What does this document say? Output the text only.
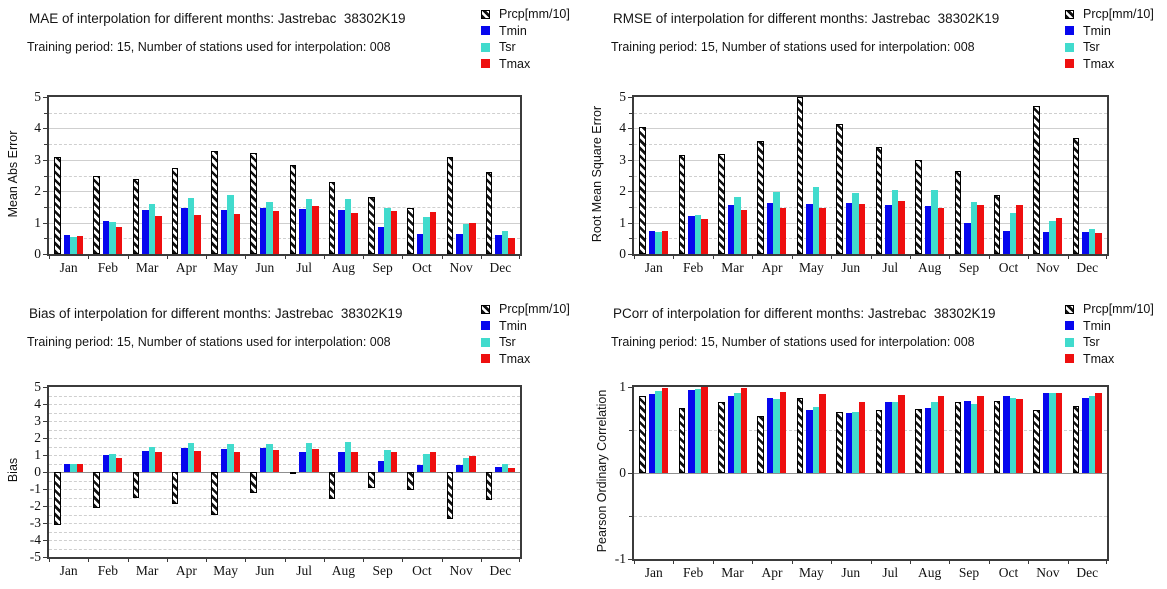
MAE of interpolation for different months: Jastrebac  38302K19
Training period: 15, Number of stations used for interpolation: 008
Prcp[mm/10]
Tmin
Tsr
Tmax
Mean Abs Error
Jan	Feb	Mar	Apr	May	Jun	Jul	Aug	Sep	Oct	Nov	Dec
0
1
2
3
4
5
RMSE of interpolation for different months: Jastrebac  38302K19
Training period: 15, Number of stations used for interpolation: 008
Prcp[mm/10]
Tmin
Tsr
Tmax
Root Mean Square Error
Jan	Feb	Mar	Apr	May	Jun	Jul	Aug	Sep	Oct	Nov	Dec
0
1
2
3
4
5
Bias of interpolation for different months: Jastrebac  38302K19
Training period: 15, Number of stations used for interpolation: 008
Prcp[mm/10]
Tmin
Tsr
Tmax
Bias
Jan	Feb	Mar	Apr	May	Jun	Jul	Aug	Sep	Oct	Nov	Dec
-5
-4
-3
-2
-1
0
1
2
3
4
5
PCorr of interpolation for different months: Jastrebac  38302K19
Training period: 15, Number of stations used for interpolation: 008
Prcp[mm/10]
Tmin
Tsr
Tmax
Pearson Ordinary Correlation
Jan	Feb	Mar	Apr	May	Jun	Jul	Aug	Sep	Oct	Nov	Dec
-1
0
1
